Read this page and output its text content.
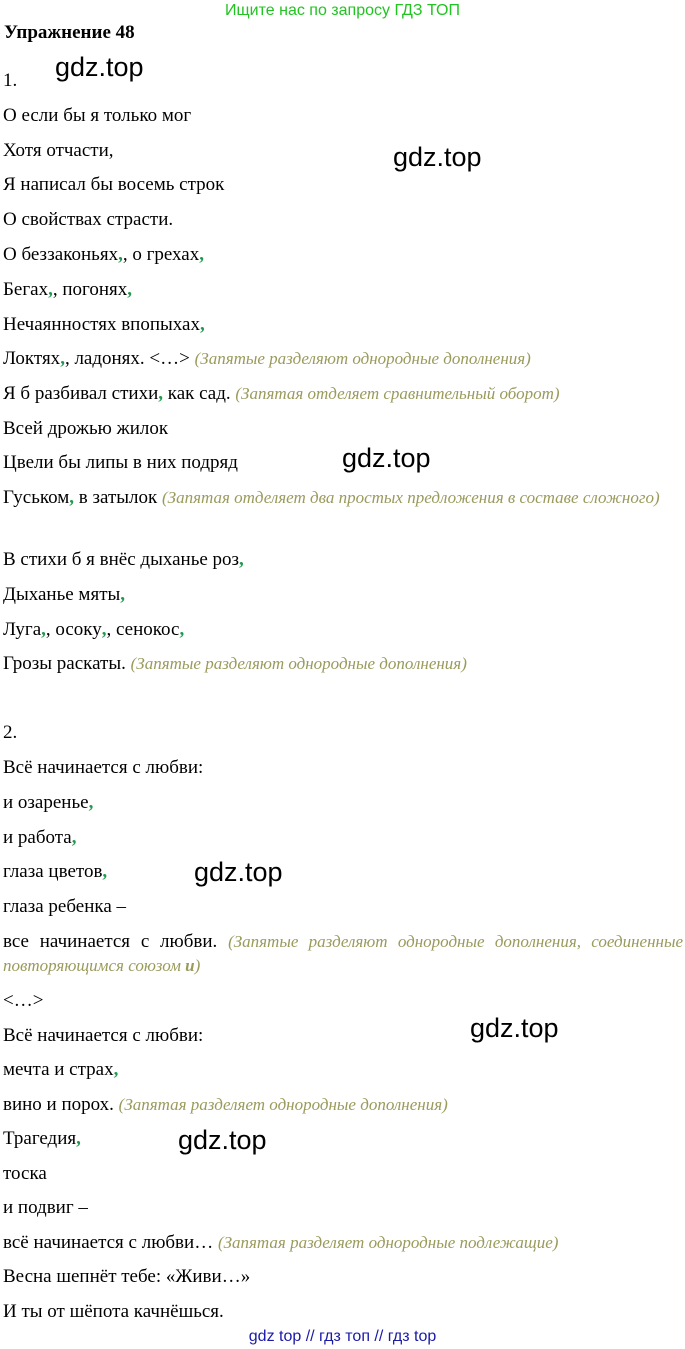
Ищите нас по запросу ГДЗ ТОП
Упражнение 48
1.
О если бы я только мог
Хотя отчасти,
Я написал бы восемь строк
О свойствах страсти.
О беззаконьях,, о грехах,
Бегах,, погонях,
Нечаянностях впопыхах,
Локтях,, ладонях. <…> (Запятые разделяют однородные дополнения)
Я б разбивал стихи, как сад. (Запятая отделяет сравнительный оборот)
Всей дрожью жилок
Цвели бы липы в них подряд
Гуськом, в затылок (Запятая отделяет два простых предложения в составе сложного)
В стихи б я внёс дыханье роз,
Дыханье мяты,
Луга,, осоку,, сенокос,
Грозы раскаты. (Запятые разделяют однородные дополнения)
2.
Всё начинается с любви:
и озаренье,
и работа,
глаза цветов,
глаза ребенка –
все начинается с любви. (Запятые разделяют однородные дополнения, соединенные повторяющимся союзом и)
<…>
Всё начинается с любви:
мечта и страх,
вино и порох. (Запятая разделяет однородные дополнения)
Трагедия,
тоска
и подвиг –
всё начинается с любви… (Запятая разделяет однородные подлежащие)
Весна шепнёт тебе: «Живи…»
И ты от шёпота качнёшься.
gdz.top
gdz.top
gdz.top
gdz.top
gdz.top
gdz.top
gdz top // гдз топ // гдз top
